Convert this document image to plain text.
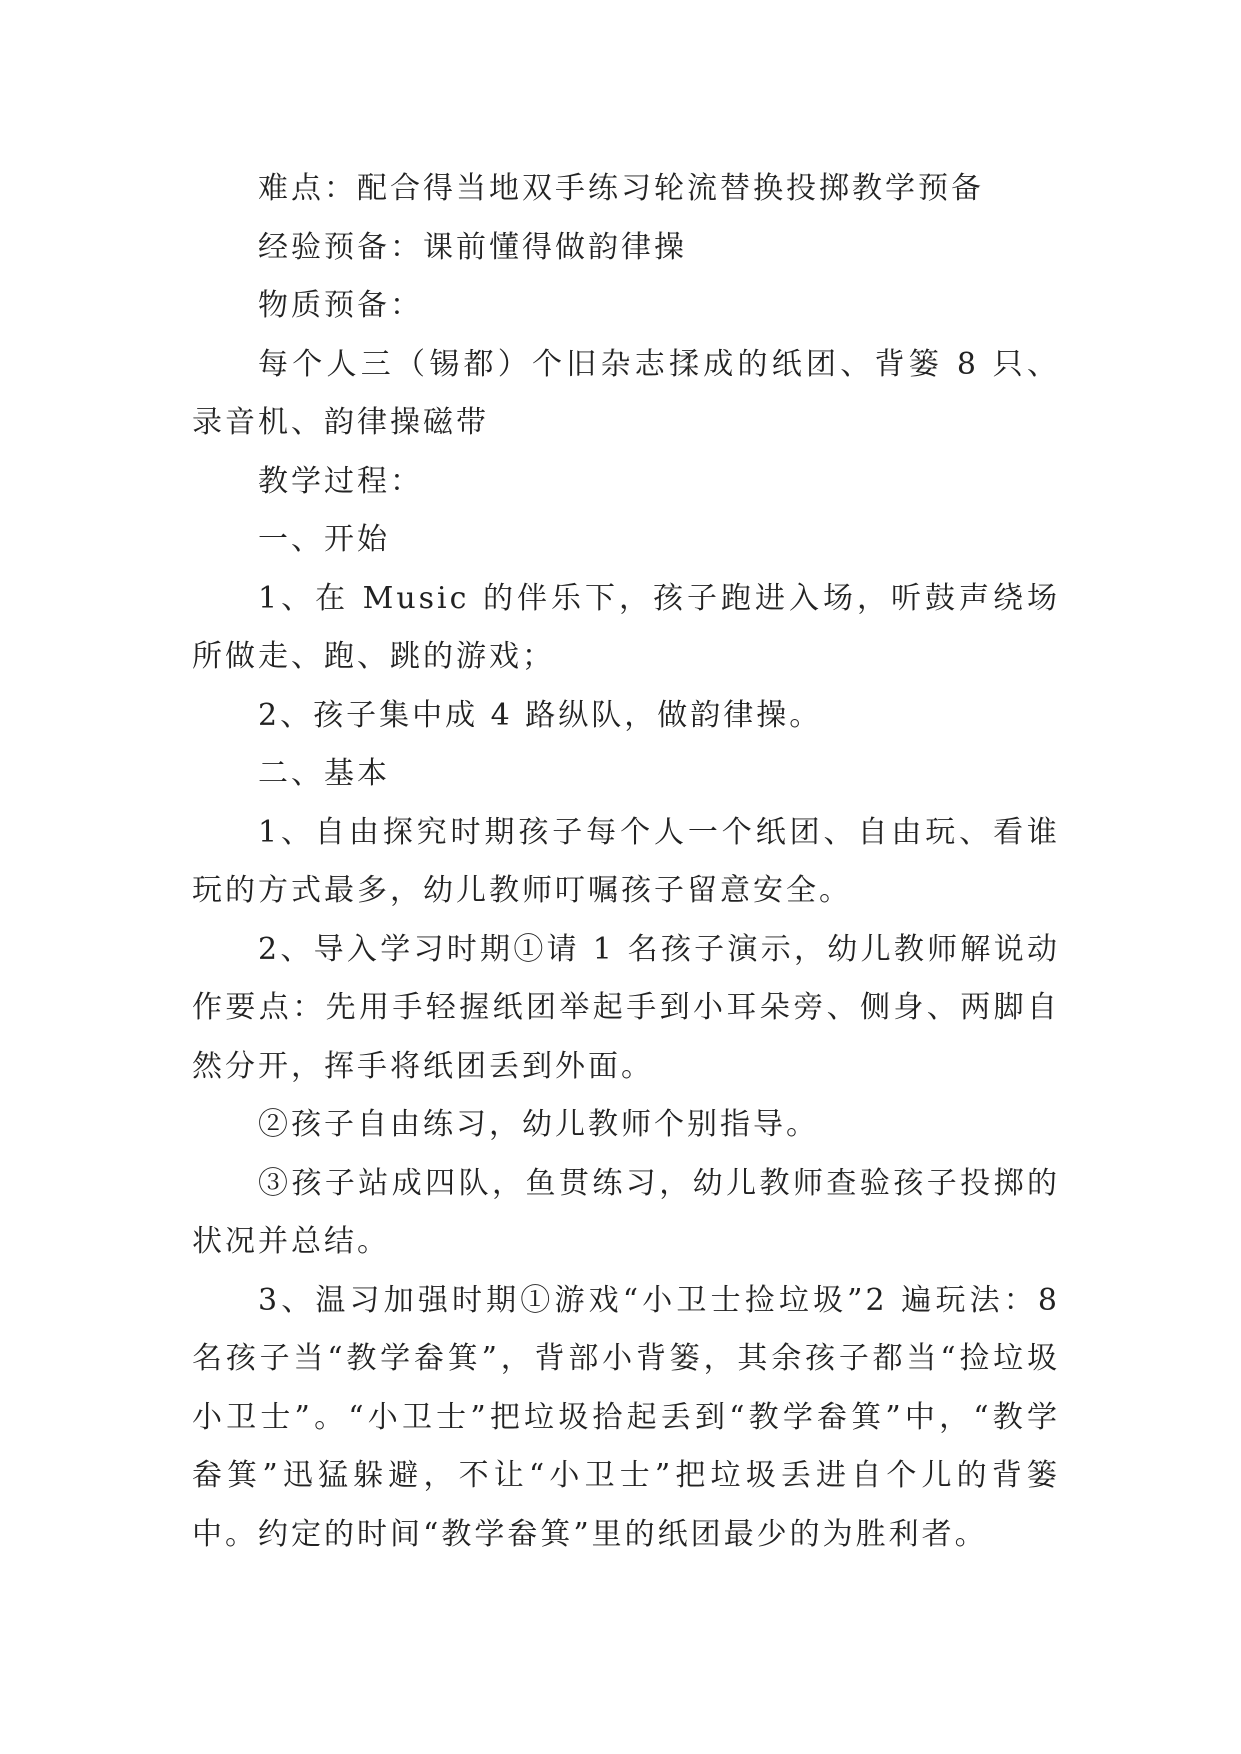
难点：配合得当地双手练习轮流替换投掷教学预备

经验预备：课前懂得做韵律操

物质预备：

每个人三（锡都）个旧杂志揉成的纸团、背篓 8 只、录音机、韵律操磁带

教学过程：

一、开始

1、在 Music 的伴乐下，孩子跑进入场，听鼓声绕场所做走、跑、跳的游戏；

2、孩子集中成 4 路纵队，做韵律操。

二、基本

1、自由探究时期孩子每个人一个纸团、自由玩、看谁玩的方式最多，幼儿教师叮嘱孩子留意安全。

2、导入学习时期①请 1 名孩子演示，幼儿教师解说动作要点：先用手轻握纸团举起手到小耳朵旁、侧身、两脚自然分开，挥手将纸团丢到外面。

②孩子自由练习，幼儿教师个别指导。

③孩子站成四队，鱼贯练习，幼儿教师查验孩子投掷的状况并总结。

3、温习加强时期①游戏“小卫士捡垃圾”2 遍玩法：8 名孩子当“教学畚箕”，背部小背篓，其余孩子都当“捡垃圾小卫士”。“小卫士”把垃圾拾起丢到“教学畚箕”中，“教学畚箕”迅猛躲避，不让“小卫士”把垃圾丢进自个儿的背篓中。约定的时间“教学畚箕”里的纸团最少的为胜利者。
